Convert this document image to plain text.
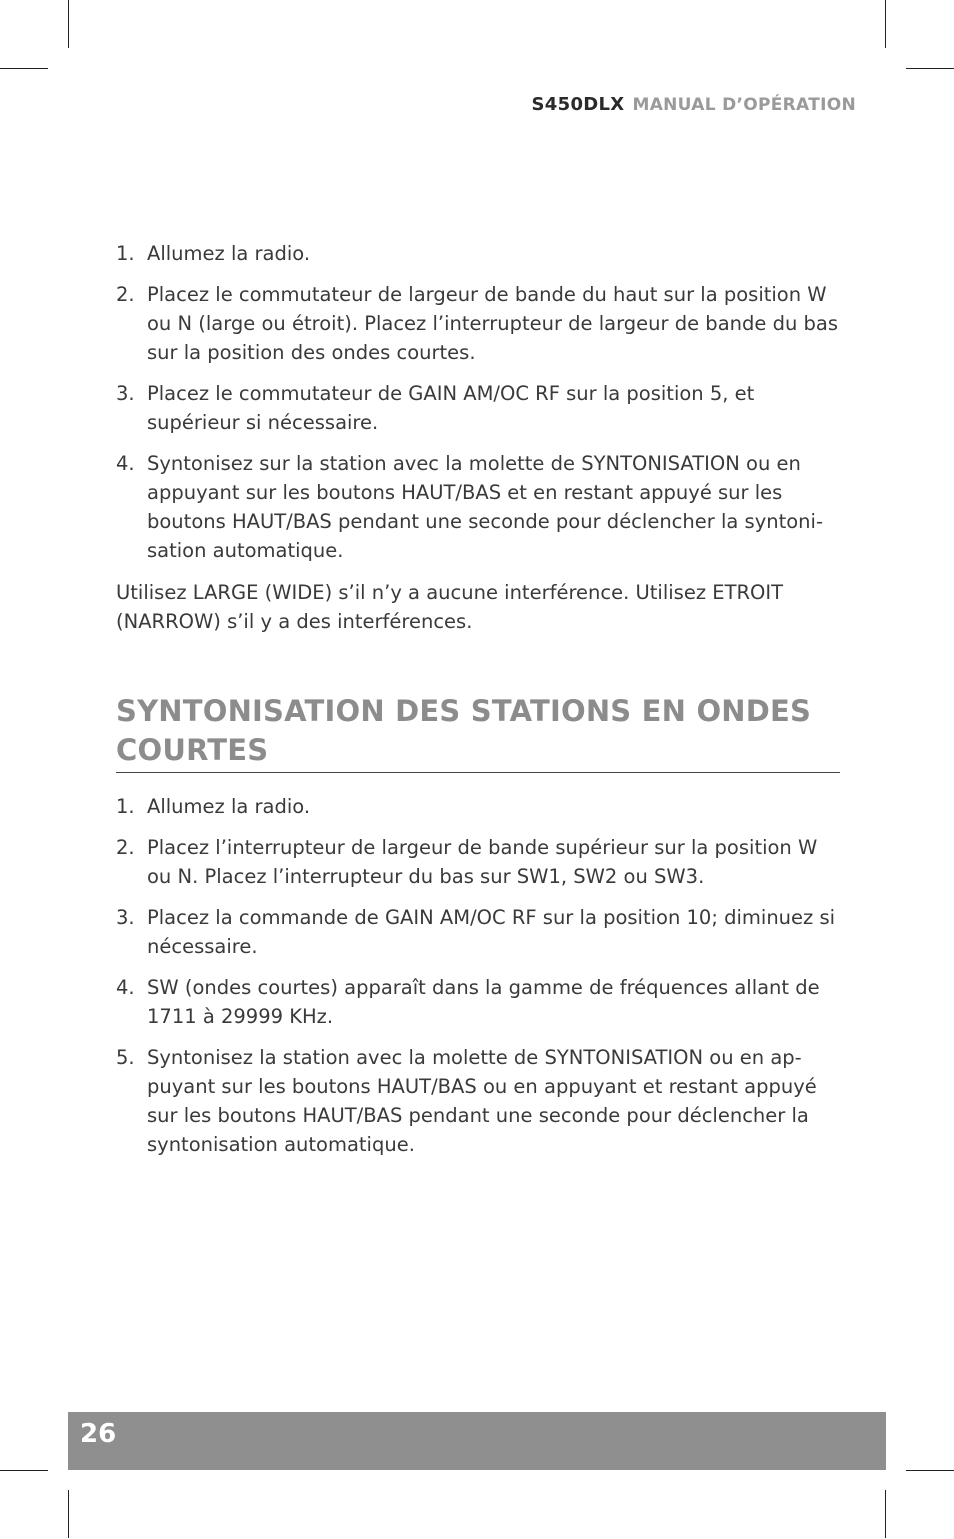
S450DLX MANUAL D’OPÉRATION
1. Allumez la radio.
2. Placez le commutateur de largeur de bande du haut sur la position W ou N (large ou étroit). Placez l’interrupteur de largeur de bande du bas sur la position des ondes courtes.
3. Placez le commutateur de GAIN AM/OC RF sur la position 5, et supérieur si nécessaire.
4. Syntonisez sur la station avec la molette de SYNTONISATION ou en appuyant sur les boutons HAUT/BAS et en restant appuyé sur les boutons HAUT/BAS pendant une seconde pour déclencher la syntonisation automatique.
Utilisez LARGE (WIDE) s’il n’y a aucune interférence. Utilisez ETROIT (NARROW) s’il y a des interférences.
SYNTONISATION DES STATIONS EN ONDES COURTES
1. Allumez la radio.
2. Placez l’interrupteur de largeur de bande supérieur sur la position W ou N. Placez l’interrupteur du bas sur SW1, SW2 ou SW3.
3. Placez la commande de GAIN AM/OC RF sur la position 10; diminuez si nécessaire.
4. SW (ondes courtes) apparaît dans la gamme de fréquences allant de 1711 à 29999 KHz.
5. Syntonisez la station avec la molette de SYNTONISATION ou en appuyant sur les boutons HAUT/BAS ou en appuyant et restant appuyé sur les boutons HAUT/BAS pendant une seconde pour déclencher la syntonisation automatique.
26
